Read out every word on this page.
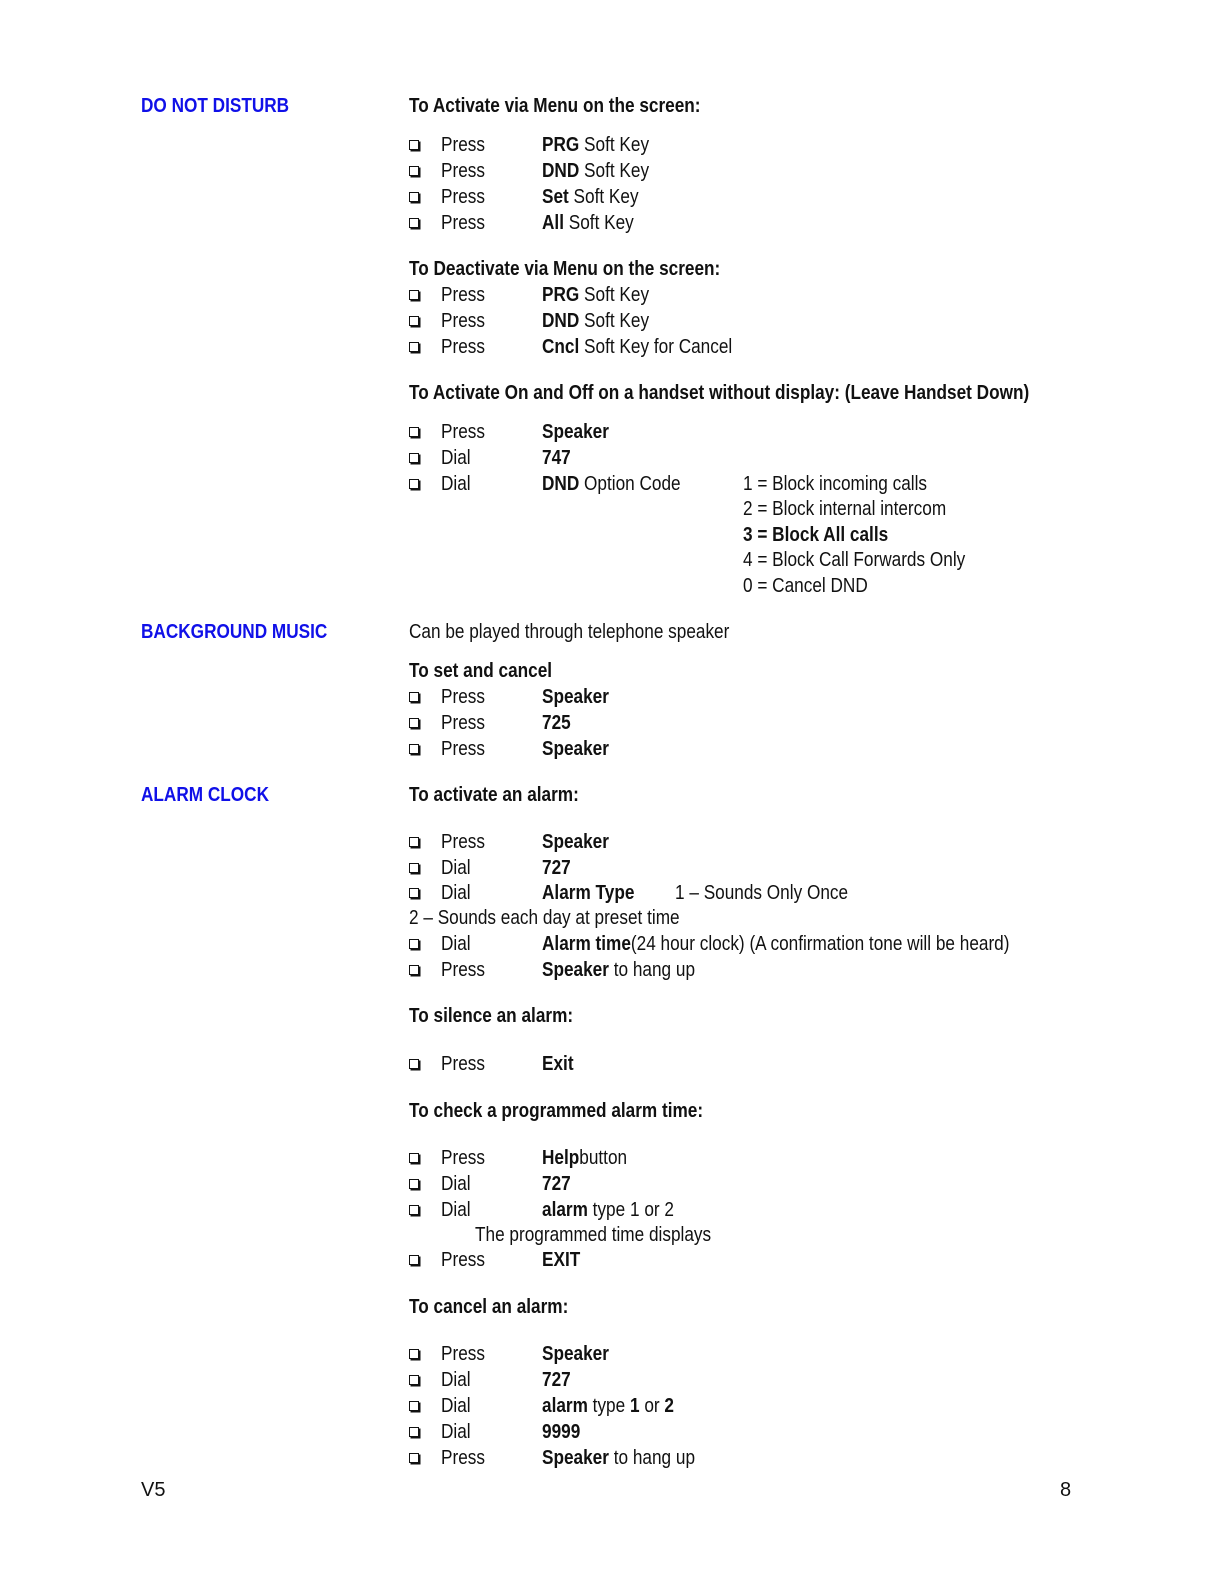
DO NOT DISTURB	To Activate via Menu on the screen:
Press	PRG Soft Key
Press	DND Soft Key
Press	Set Soft Key
Press	All Soft Key
To Deactivate via Menu on the screen:
Press	PRG Soft Key
Press	DND Soft Key
Press	Cncl Soft Key for Cancel
To Activate On and Off on a handset without display: (Leave Handset Down)
Press	Speaker
Dial	747
Dial	DND Option Code	1 = Block incoming calls
2 = Block internal intercom
3 = Block All calls
4 = Block Call Forwards Only
0 = Cancel DND
BACKGROUND MUSIC	Can be played through telephone speaker
To set and cancel
Press	Speaker
Press	725
Press	Speaker
ALARM CLOCK	To activate an alarm:
Press	Speaker
Dial	727
Dial	Alarm Type 1 – Sounds Only Once
2 – Sounds each day at preset time
Dial	Alarm time(24 hour clock) (A confirmation tone will be heard)
Press	Speaker to hang up
To silence an alarm:
Press	Exit
To check a programmed alarm time:
Press	Helpbutton
Dial	727
Dial	alarm type 1 or 2
The programmed time displays
Press	EXIT
To cancel an alarm:
Press	Speaker
Dial	727
Dial	alarm type 1 or 2
Dial	9999
Press	Speaker to hang up
V5	8
